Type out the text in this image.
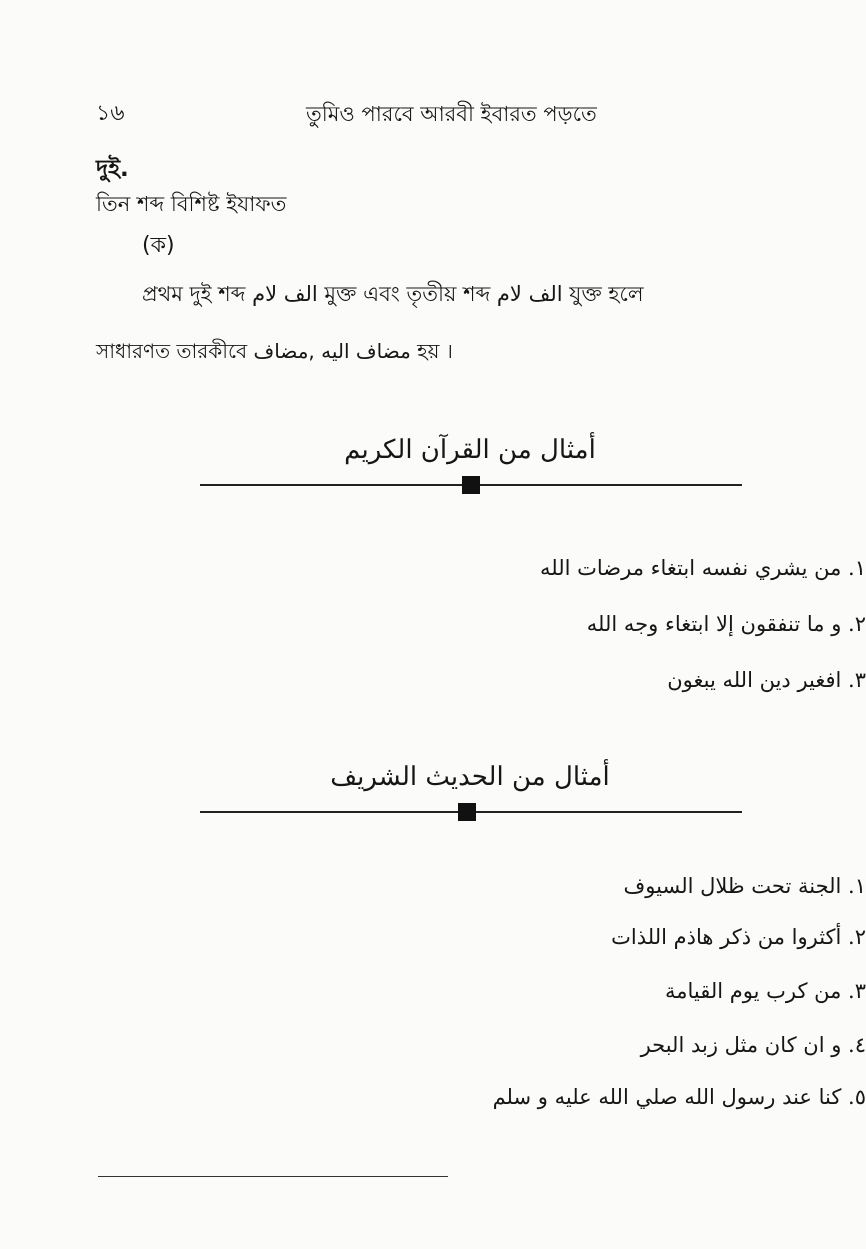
১৬	তুমিও পারবে আরবী ইবারত পড়তে
দুই.
তিন শব্দ বিশিষ্ট ইযাফত
(ক)
প্রথম দুই শব্দ الف لام মুক্ত এবং তৃতীয় শব্দ الف لام যুক্ত হলে
সাধারণত তারকীবে مضاف اليه ,مضاف হয় ।
أمثال من القرآن الكريم
١. من يشري نفسه ابتغاء مرضات الله
٢. و ما تنفقون إلا ابتغاء وجه الله
٣. افغير دين الله يبغون
أمثال من الحديث الشريف
١. الجنة تحت ظلال السيوف
٢. أكثروا من ذكر هاذم اللذات
٣. من كرب يوم القيامة
٤. و ان كان مثل زبد البحر
٥. كنا عند رسول الله صلي الله عليه و سلم
